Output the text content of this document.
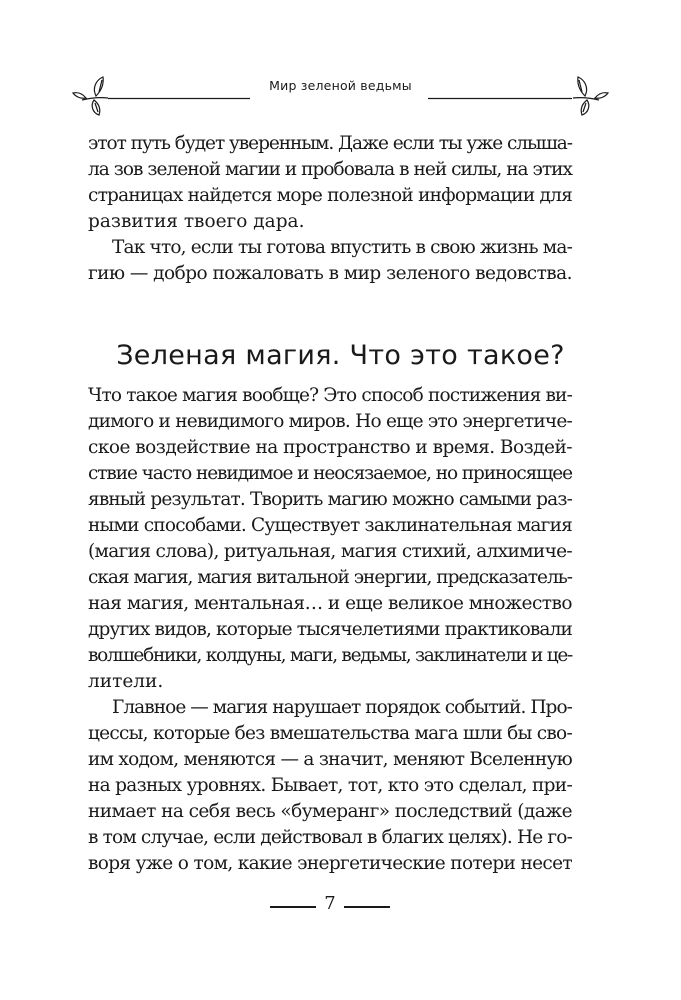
Мир зеленой ведьмы
этот путь будет уверенным. Даже если ты уже слыша-
ла зов зеленой магии и пробовала в ней силы, на этих
страницах найдется море полезной информации для
развития твоего дара.
Так что, если ты готова впустить в свою жизнь ма-
гию — добро пожаловать в мир зеленого ведовства.
Зеленая магия. Что это такое?
Что такое магия вообще? Это способ постижения ви-
димого и невидимого миров. Но еще это энергетиче-
ское воздействие на пространство и время. Воздей-
ствие часто невидимое и неосязаемое, но приносящее
явный результат. Творить магию можно самыми раз-
ными способами. Существует заклинательная магия
(магия слова), ритуальная, магия стихий, алхимиче-
ская магия, магия витальной энергии, предсказатель-
ная магия, ментальная… и еще великое множество
других видов, которые тысячелетиями практиковали
волшебники, колдуны, маги, ведьмы, заклинатели и це-
лители.
Главное — магия нарушает порядок событий. Про-
цессы, которые без вмешательства мага шли бы сво-
им ходом, меняются — а значит, меняют Вселенную
на разных уровнях. Бывает, тот, кто это сделал, при-
нимает на себя весь «бумеранг» последствий (даже
в том случае, если действовал в благих целях). Не го-
воря уже о том, какие энергетические потери несет
7
